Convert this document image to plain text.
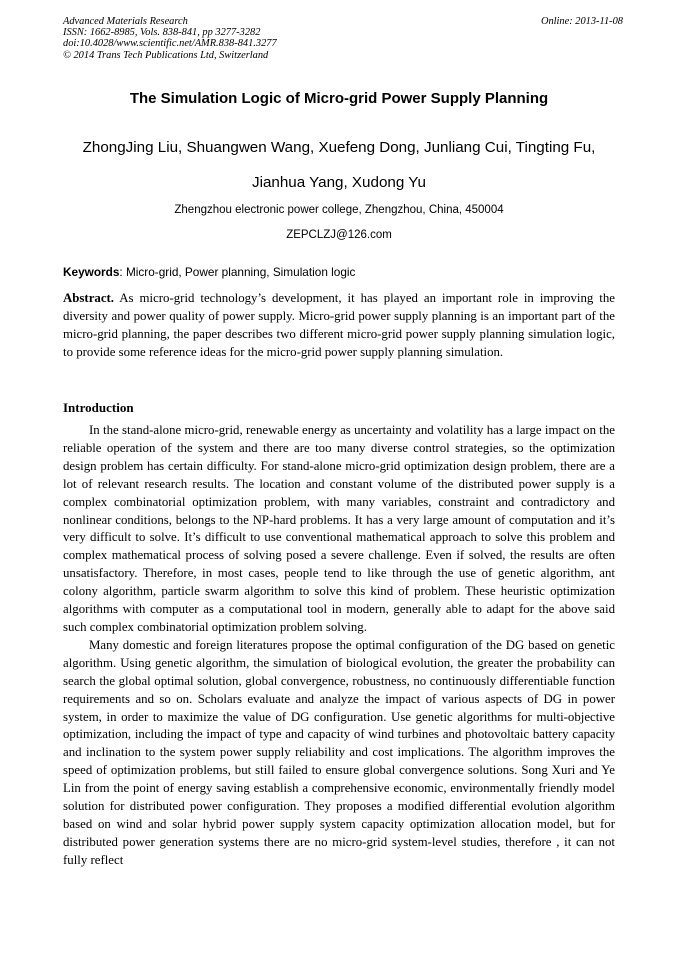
Advanced Materials Research
ISSN: 1662-8985, Vols. 838-841, pp 3277-3282
doi:10.4028/www.scientific.net/AMR.838-841.3277
© 2014 Trans Tech Publications Ltd, Switzerland
Online: 2013-11-08
The Simulation Logic of Micro-grid Power Supply Planning
ZhongJing Liu, Shuangwen Wang, Xuefeng Dong, Junliang Cui, Tingting Fu,
Jianhua Yang, Xudong Yu
Zhengzhou electronic power college, Zhengzhou, China, 450004
ZEPCLZJ@126.com
Keywords: Micro-grid, Power planning, Simulation logic

Abstract. As micro-grid technology’s development, it has played an important role in improving the diversity and power quality of power supply. Micro-grid power supply planning is an important part of the micro-grid planning, the paper describes two different micro-grid power supply planning simulation logic, to provide some reference ideas for the micro-grid power supply planning simulation.

Introduction

In the stand-alone micro-grid, renewable energy as uncertainty and volatility has a large impact on the reliable operation of the system and there are too many diverse control strategies, so the optimization design problem has certain difficulty. For stand-alone micro-grid optimization design problem, there are a lot of relevant research results. The location and constant volume of the distributed power supply is a complex combinatorial optimization problem, with many variables, constraint and contradictory and nonlinear conditions, belongs to the NP-hard problems. It has a very large amount of computation and it’s very difficult to solve. It’s difficult to use conventional mathematical approach to solve this problem and complex mathematical process of solving posed a severe challenge. Even if solved, the results are often unsatisfactory. Therefore, in most cases, people tend to like through the use of genetic algorithm, ant colony algorithm, particle swarm algorithm to solve this kind of problem. These heuristic optimization algorithms with computer as a computational tool in modern, generally able to adapt for the above said such complex combinatorial optimization problem solving.

Many domestic and foreign literatures propose the optimal configuration of the DG based on genetic algorithm. Using genetic algorithm, the simulation of biological evolution, the greater the probability can search the global optimal solution, global convergence, robustness, no continuously differentiable function requirements and so on. Scholars evaluate and analyze the impact of various aspects of DG in power system, in order to maximize the value of DG configuration. Use genetic algorithms for multi-objective optimization, including the impact of type and capacity of wind turbines and photovoltaic battery capacity and inclination to the system power supply reliability and cost implications. The algorithm improves the speed of optimization problems, but still failed to ensure global convergence solutions. Song Xuri and Ye Lin from the point of energy saving establish a comprehensive economic, environmentally friendly model solution for distributed power configuration. They proposes a modified differential evolution algorithm based on wind and solar hybrid power supply system capacity optimization allocation model, but for distributed power generation systems there are no micro-grid system-level studies, therefore , it can not fully reflect
